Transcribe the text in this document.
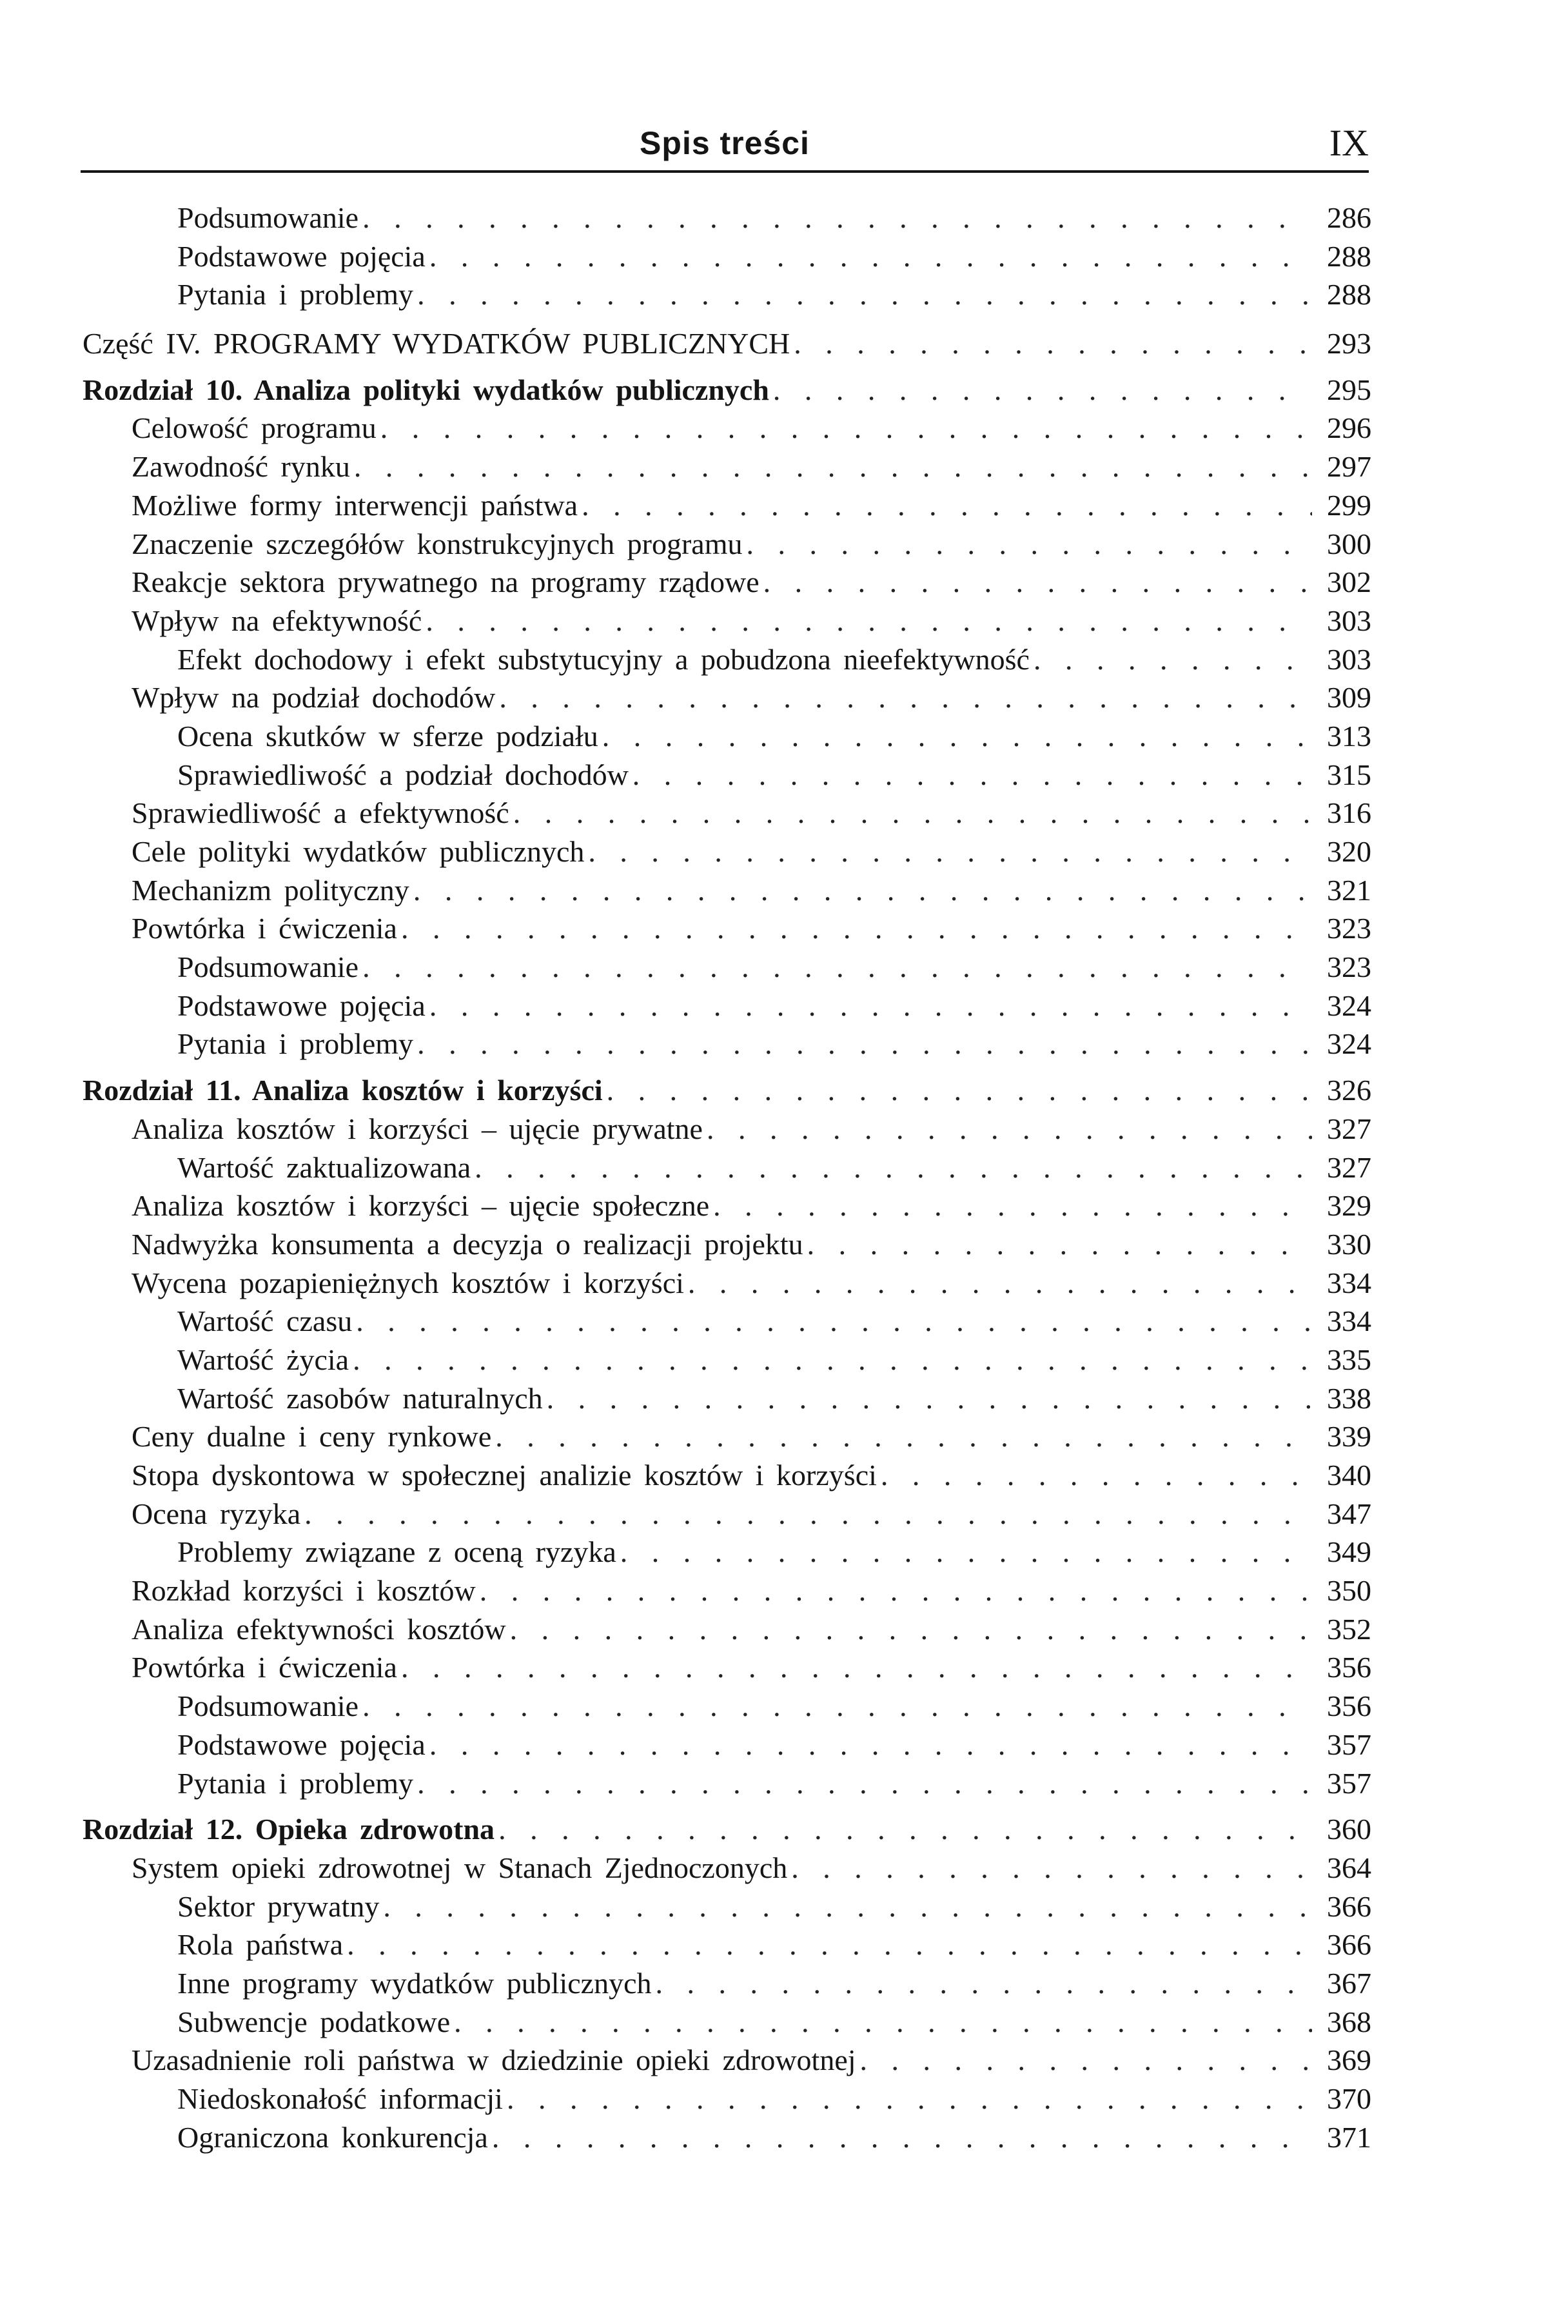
Spis treści	IX
Podsumowanie . . .	286
Podstawowe pojęcia . . .	288
Pytania i problemy . . .	288
Część IV. PROGRAMY WYDATKÓW PUBLICZNYCH . . .	293
Rozdział 10. Analiza polityki wydatków publicznych . . .	295
Celowość programu . . .	296
Zawodność rynku . . .	297
Możliwe formy interwencji państwa . . .	299
Znaczenie szczegółów konstrukcyjnych programu . . .	300
Reakcje sektora prywatnego na programy rządowe . . .	302
Wpływ na efektywność . . .	303
Efekt dochodowy i efekt substytucyjny a pobudzona nieefektywność . . .	303
Wpływ na podział dochodów . . .	309
Ocena skutków w sferze podziału . . .	313
Sprawiedliwość a podział dochodów . . .	315
Sprawiedliwość a efektywność . . .	316
Cele polityki wydatków publicznych . . .	320
Mechanizm polityczny . . .	321
Powtórka i ćwiczenia . . .	323
Podsumowanie . . .	323
Podstawowe pojęcia . . .	324
Pytania i problemy . . .	324
Rozdział 11. Analiza kosztów i korzyści . . .	326
Analiza kosztów i korzyści – ujęcie prywatne . . .	327
Wartość zaktualizowana . . .	327
Analiza kosztów i korzyści – ujęcie społeczne . . .	329
Nadwyżka konsumenta a decyzja o realizacji projektu . . .	330
Wycena pozapieniężnych kosztów i korzyści . . .	334
Wartość czasu . . .	334
Wartość życia . . .	335
Wartość zasobów naturalnych . . .	338
Ceny dualne i ceny rynkowe . . .	339
Stopa dyskontowa w społecznej analizie kosztów i korzyści . . .	340
Ocena ryzyka . . .	347
Problemy związane z oceną ryzyka . . .	349
Rozkład korzyści i kosztów . . .	350
Analiza efektywności kosztów . . .	352
Powtórka i ćwiczenia . . .	356
Podsumowanie . . .	356
Podstawowe pojęcia . . .	357
Pytania i problemy . . .	357
Rozdział 12. Opieka zdrowotna . . .	360
System opieki zdrowotnej w Stanach Zjednoczonych . . .	364
Sektor prywatny . . .	366
Rola państwa . . .	366
Inne programy wydatków publicznych . . .	367
Subwencje podatkowe . . .	368
Uzasadnienie roli państwa w dziedzinie opieki zdrowotnej . . .	369
Niedoskonałość informacji . . .	370
Ograniczona konkurencja . . .	371
